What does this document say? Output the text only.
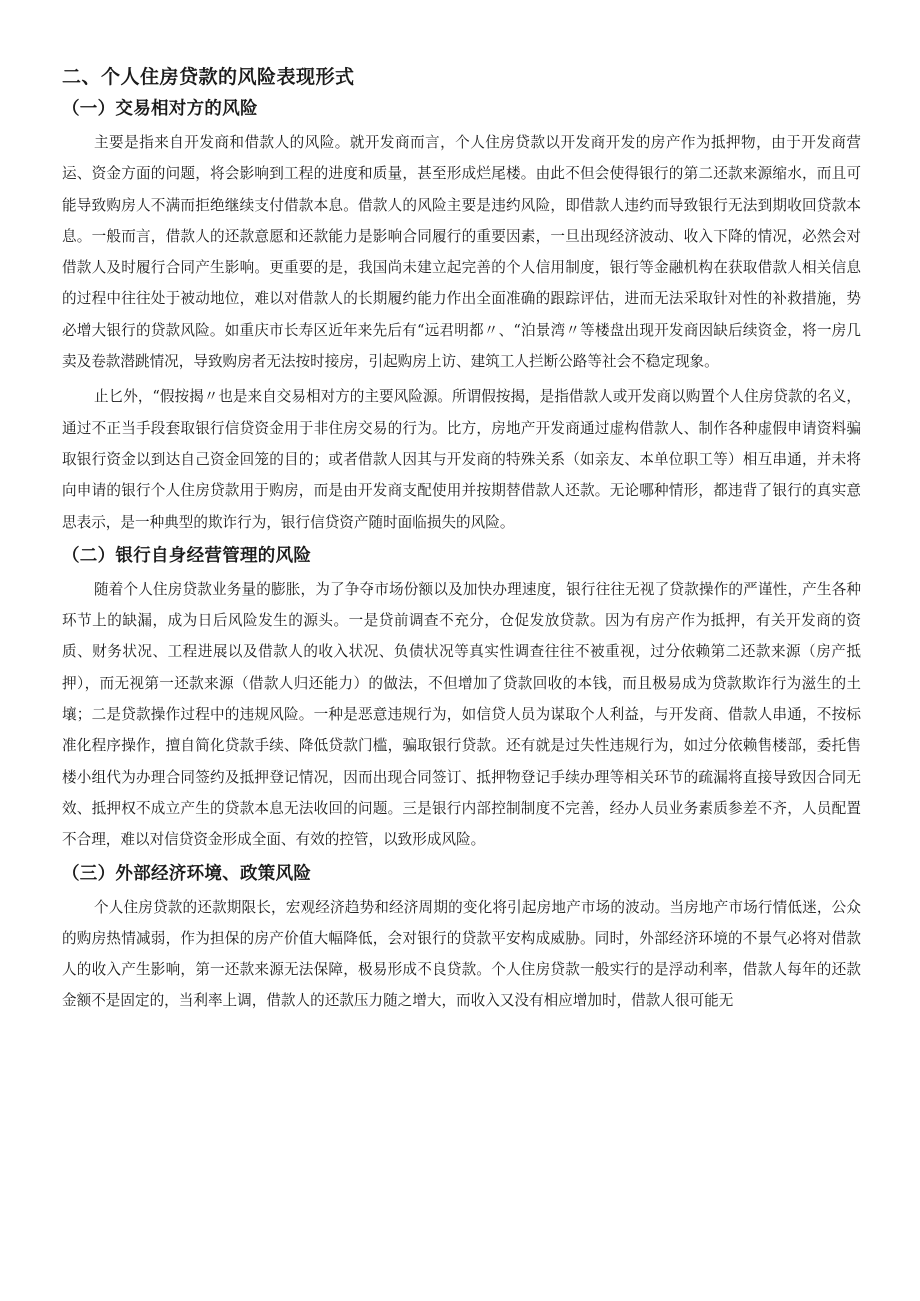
二、个人住房贷款的风险表现形式
（一）交易相对方的风险

主要是指来自开发商和借款人的风险。就开发商而言，个人住房贷款以开发商开发的房产作为抵押物，由于开发商营运、资金方面的问题，将会影响到工程的进度和质量，甚至形成烂尾楼。由此不但会使得银行的第二还款来源缩水，而且可能导致购房人不满而拒绝继续支付借款本息。借款人的风险主要是违约风险，即借款人违约而导致银行无法到期收回贷款本息。一般而言，借款人的还款意愿和还款能力是影响合同履行的重要因素，一旦出现经济波动、收入下降的情况，必然会对借款人及时履行合同产生影响。更重要的是，我国尚未建立起完善的个人信用制度，银行等金融机构在获取借款人相关信息的过程中往往处于被动地位，难以对借款人的长期履约能力作出全面准确的跟踪评估，进而无法采取针对性的补救措施，势必增大银行的贷款风险。如重庆市长寿区近年来先后有“远君明都〃、“泊景湾〃等楼盘出现开发商因缺后续资金，将一房几卖及卷款潜跳情况，导致购房者无法按时接房，引起购房上访、建筑工人拦断公路等社会不稳定现象。

止匕外，“假按揭〃也是来自交易相对方的主要风险源。所谓假按揭，是指借款人或开发商以购置个人住房贷款的名义，通过不正当手段套取银行信贷资金用于非住房交易的行为。比方，房地产开发商通过虚构借款人、制作各种虚假申请资料骗取银行资金以到达自己资金回笼的目的；或者借款人因其与开发商的特殊关系（如亲友、本单位职工等）相互串通，并未将向申请的银行个人住房贷款用于购房，而是由开发商支配使用并按期替借款人还款。无论哪种情形，都违背了银行的真实意思表示，是一种典型的欺诈行为，银行信贷资产随时面临损失的风险。

（二）银行自身经营管理的风险

随着个人住房贷款业务量的膨胀，为了争夺市场份额以及加快办理速度，银行往往无视了贷款操作的严谨性，产生各种环节上的缺漏，成为日后风险发生的源头。一是贷前调查不充分，仓促发放贷款。因为有房产作为抵押，有关开发商的资质、财务状况、工程进展以及借款人的收入状况、负债状况等真实性调查往往不被重视，过分依赖第二还款来源（房产抵押），而无视第一还款来源（借款人归还能力）的做法，不但增加了贷款回收的本钱，而且极易成为贷款欺诈行为滋生的土壤；二是贷款操作过程中的违规风险。一种是恶意违规行为，如信贷人员为谋取个人利益，与开发商、借款人串通，不按标准化程序操作，擅自简化贷款手续、降低贷款门槛，骗取银行贷款。还有就是过失性违规行为，如过分依赖售楼部，委托售楼小组代为办理合同签约及抵押登记情况，因而出现合同签订、抵押物登记手续办理等相关环节的疏漏将直接导致因合同无效、抵押权不成立产生的贷款本息无法收回的问题。三是银行内部控制制度不完善，经办人员业务素质参差不齐，人员配置不合理，难以对信贷资金形成全面、有效的控管，以致形成风险。

（三）外部经济环境、政策风险

个人住房贷款的还款期限长，宏观经济趋势和经济周期的变化将引起房地产市场的波动。当房地产市场行情低迷，公众的购房热情减弱，作为担保的房产价值大幅降低，会对银行的贷款平安构成威胁。同时，外部经济环境的不景气必将对借款人的收入产生影响，第一还款来源无法保障，极易形成不良贷款。个人住房贷款一般实行的是浮动利率，借款人每年的还款金额不是固定的，当利率上调，借款人的还款压力随之增大，而收入又没有相应增加时，借款人很可能无
